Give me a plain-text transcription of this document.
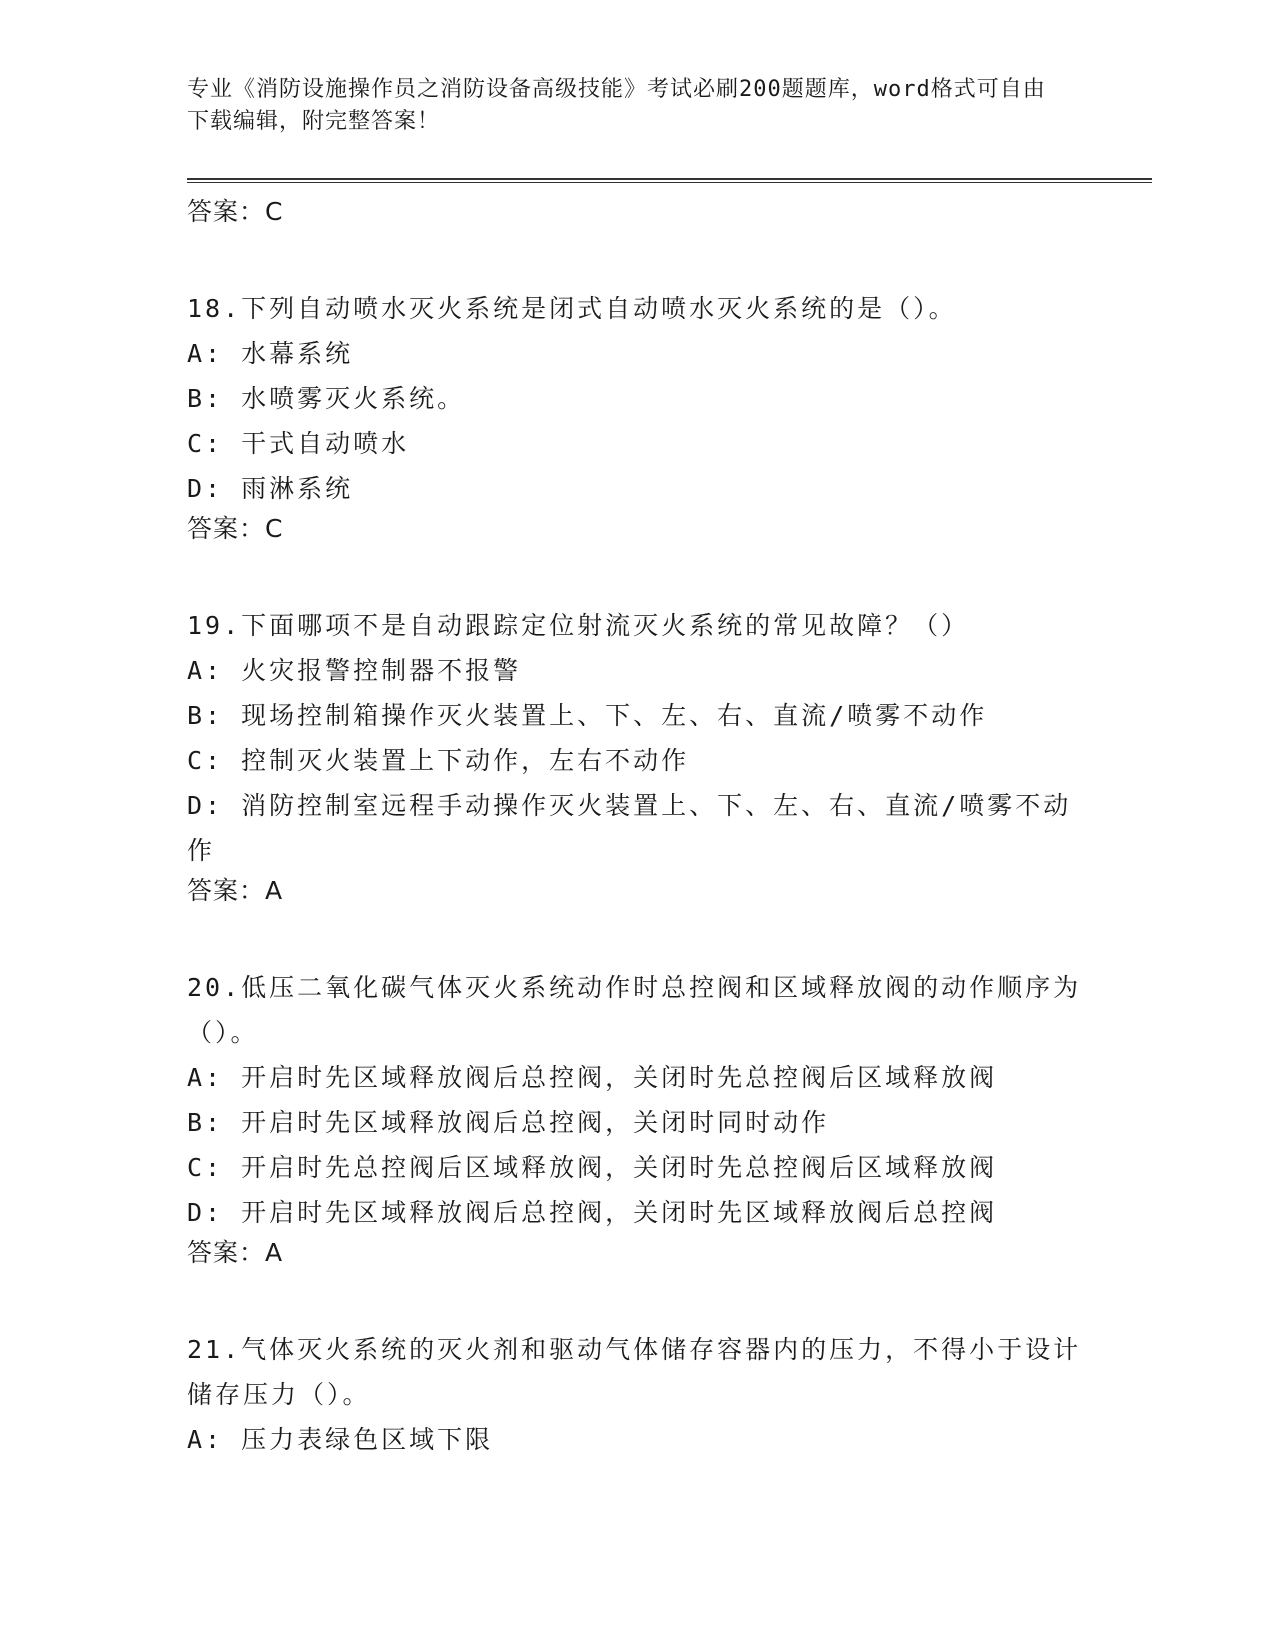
专业《消防设施操作员之消防设备高级技能》考试必刷200题题库，word格式可自由下载编辑，附完整答案！
答案：C
18.下列自动喷水灭火系统是闭式自动喷水灭火系统的是（）。
A: 水幕系统
B: 水喷雾灭火系统。
C: 干式自动喷水
D: 雨淋系统
答案：C
19.下面哪项不是自动跟踪定位射流灭火系统的常见故障？（）
A: 火灾报警控制器不报警
B: 现场控制箱操作灭火装置上、下、左、右、直流/喷雾不动作
C: 控制灭火装置上下动作，左右不动作
D: 消防控制室远程手动操作灭火装置上、下、左、右、直流/喷雾不动作
答案：A
20.低压二氧化碳气体灭火系统动作时总控阀和区域释放阀的动作顺序为（）。
A: 开启时先区域释放阀后总控阀，关闭时先总控阀后区域释放阀
B: 开启时先区域释放阀后总控阀，关闭时同时动作
C: 开启时先总控阀后区域释放阀，关闭时先总控阀后区域释放阀
D: 开启时先区域释放阀后总控阀，关闭时先区域释放阀后总控阀
答案：A
21.气体灭火系统的灭火剂和驱动气体储存容器内的压力，不得小于设计储存压力（）。
A: 压力表绿色区域下限
